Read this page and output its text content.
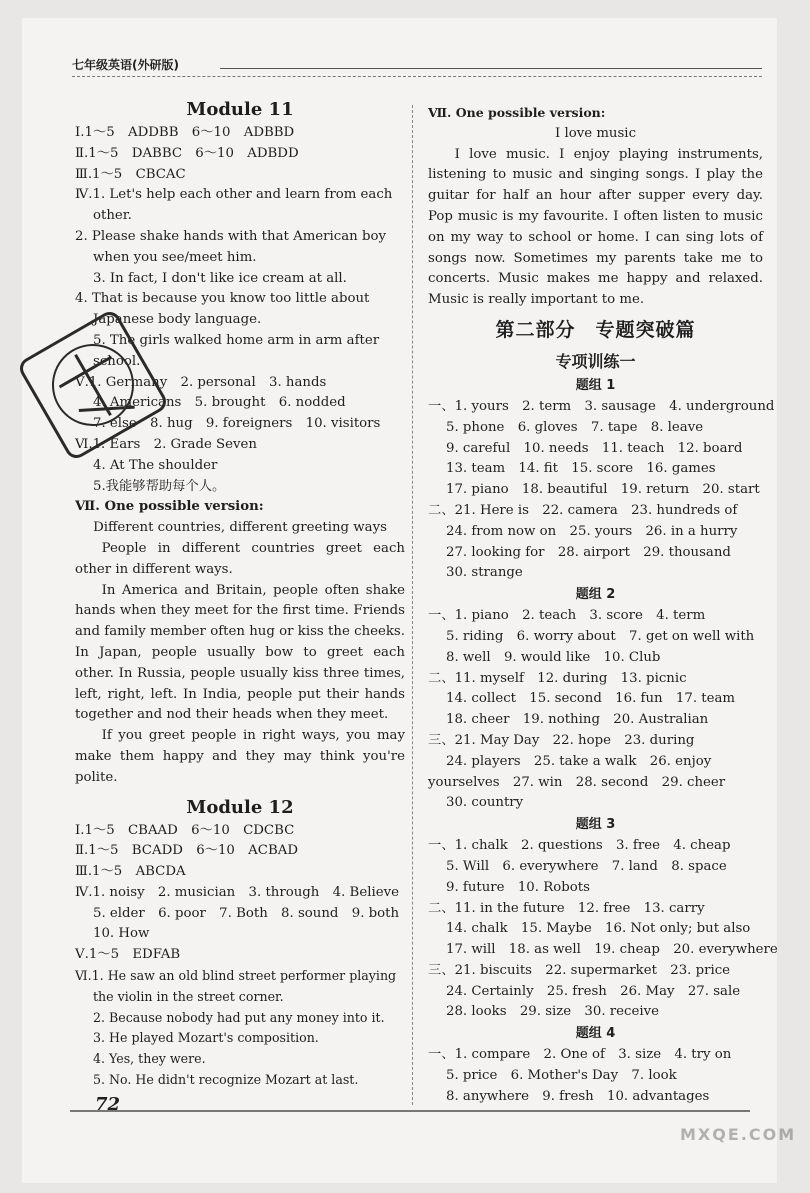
七年级英语(外研版)
Module 11
Ⅰ.1～5　ADDBB　6～10　ADBBD
Ⅱ.1～5　DABBC　6～10　ADBDD
Ⅲ.1～5　CBCAC
Ⅳ.1. Let's help each other and learn from each other.
2. Please shake hands with that American boy when you see/meet him.
3. In fact, I don't like ice cream at all.
4. That is because you know too little about Japanese body language.
5. The girls walked home arm in arm after school.
Ⅴ.1. Germany　2. personal　3. hands
4. Americans　5. brought　6. nodded
7. else　8. hug　9. foreigners　10. visitors
Ⅵ.1. Ears　2. Grade Seven
4. At The shoulder
5.我能够帮助每个人。
Ⅶ. One possible version:
Different countries, different greeting ways
People in different countries greet each other in different ways.
In America and Britain, people often shake hands when they meet for the first time. Friends and family member often hug or kiss the cheeks. In Japan, people usually bow to greet each other. In Russia, people usually kiss three times, left, right, left. In India, people put their hands together and nod their heads when they meet.
If you greet people in right ways, you may make them happy and they may think you're polite.
Module 12
Ⅰ.1～5　CBAAD　6～10　CDCBC
Ⅱ.1～5　BCADD　6～10　ACBAD
Ⅲ.1～5　ABCDA
Ⅳ.1. noisy　2. musician　3. through　4. Believe
5. elder　6. poor　7. Both　8. sound　9. both
10. How
Ⅴ.1～5　EDFAB
Ⅵ.1. He saw an old blind street performer playing the violin in the street corner.
2. Because nobody had put any money into it.
3. He played Mozart's composition.
4. Yes, they were.
5. No. He didn't recognize Mozart at last.
Ⅶ. One possible version:
I love music
I love music. I enjoy playing instruments, listening to music and singing songs. I play the guitar for half an hour after supper every day. Pop music is my favourite. I often listen to music on my way to school or home. I can sing lots of songs now. Sometimes my parents take me to concerts. Music makes me happy and relaxed. Music is really important to me.
第二部分　专题突破篇
专项训练一
题组 1
一、1. yours　2. term　3. sausage　4. underground
5. phone　6. gloves　7. tape　8. leave
9. careful　10. needs　11. teach　12. board
13. team　14. fit　15. score　16. games
17. piano　18. beautiful　19. return　20. start
二、21. Here is　22. camera　23. hundreds of
24. from now on　25. yours　26. in a hurry
27. looking for　28. airport　29. thousand
30. strange
题组 2
一、1. piano　2. teach　3. score　4. term
5. riding　6. worry about　7. get on well with
8. well　9. would like　10. Club
二、11. myself　12. during　13. picnic
14. collect　15. second　16. fun　17. team
18. cheer　19. nothing　20. Australian
三、21. May Day　22. hope　23. during
24. players　25. take a walk　26. enjoy
yourselves　27. win　28. second　29. cheer
30. country
题组 3
一、1. chalk　2. questions　3. free　4. cheap
5. Will　6. everywhere　7. land　8. space
9. future　10. Robots
二、11. in the future　12. free　13. carry
14. chalk　15. Maybe　16. Not only; but also
17. will　18. as well　19. cheap　20. everywhere
三、21. biscuits　22. supermarket　23. price
24. Certainly　25. fresh　26. May　27. sale
28. looks　29. size　30. receive
题组 4
一、1. compare　2. One of　3. size　4. try on
5. price　6. Mother's Day　7. look
8. anywhere　9. fresh　10. advantages
72
MXQE.COM
